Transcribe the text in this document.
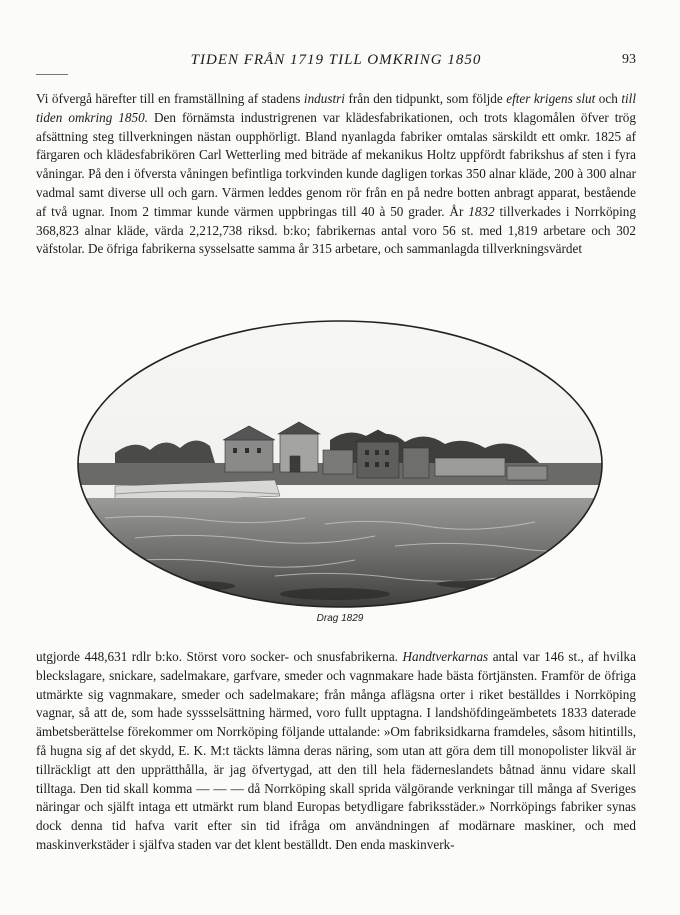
TIDEN FRÅN 1719 TILL OMKRING 1850	93

Vi öfvergå härefter till en framställning af stadens industri från den tidpunkt, som följde efter krigens slut och till tiden omkring 1850. Den förnämsta industrigrenen var klädesfabrikationen, och trots klagomålen öfver trög afsättning steg tillverkningen nästan oupphörligt. Bland nyanlagda fabriker omtalas särskildt ett omkr. 1825 af färgaren och klädesfabrikören Carl Wetterling med biträde af mekanikus Holtz uppfördt fabrikshus af sten i fyra våningar. På den i öfversta våningen befintliga torkvinden kunde dagligen torkas 350 alnar kläde, 200 à 300 alnar vadmal samt diverse ull och garn. Värmen leddes genom rör från en på nedre botten anbragt apparat, bestående af två ugnar. Inom 2 timmar kunde värmen uppbringas till 40 à 50 grader. År 1832 tillverkades i Norrköping 368,823 alnar kläde, värda 2,212,738 riksd. b:ko; fabrikernas antal voro 56 st. med 1,819 arbetare och 302 väfstolar. De öfriga fabrikerna sysselsatte samma år 315 arbetare, och sammanlagda tillverkningsvärdet

Drag 1829

utgjorde 448,631 rdlr b:ko. Störst voro socker- och snusfabrikerna. Handtverkarnas antal var 146 st., af hvilka bleckslagare, snickare, sadelmakare, garfvare, smeder och vagnmakare hade bästa förtjänsten. Framför de öfriga utmärkte sig vagnmakare, smeder och sadelmakare; från många aflägsna orter i riket beställdes i Norrköping vagnar, så att de, som hade syssselsättning härmed, voro fullt upptagna. I landshöfdingeämbetets 1833 daterade ämbetsberättelse förekommer om Norrköping följande uttalande: »Om fabriksidkarna framdeles, såsom hitintills, få hugna sig af det skydd, E. K. M:t täckts lämna deras näring, som utan att göra dem till monopolister likväl är tillräckligt att den upprätthålla, är jag öfvertygad, att den till hela fäderneslandets båtnad ännu vidare skall tilltaga. Den tid skall komma — — — då Norrköping skall sprida välgörande verkningar till många af Sveriges näringar och själft intaga ett utmärkt rum bland Europas betydligare fabriksstäder.» Norrköpings fabriker synas dock denna tid hafva varit efter sin tid ifråga om användningen af modärnare maskiner, och med maskinverkstäder i själfva staden var det klent beställdt. Den enda maskinverk-
